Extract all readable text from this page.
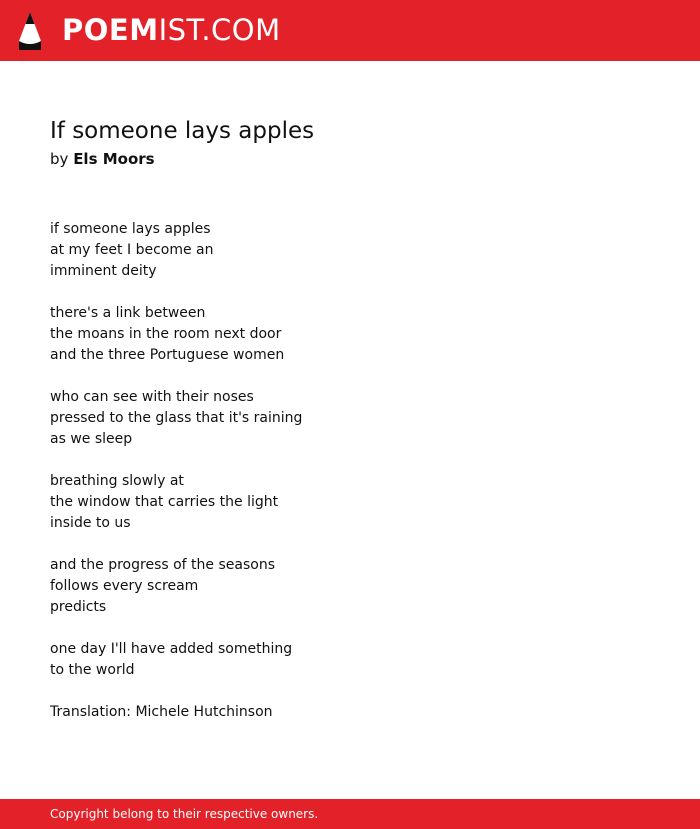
POEMIST.COM
If someone lays apples
by Els Moors
if someone lays apples
at my feet I become an
imminent deity
there's a link between
the moans in the room next door
and the three Portuguese women
who can see with their noses
pressed to the glass that it's raining
as we sleep
breathing slowly at
the window that carries the light
inside to us
and the progress of the seasons
follows every scream
predicts
one day I'll have added something
to the world
Translation: Michele Hutchinson
Copyright belong to their respective owners.
